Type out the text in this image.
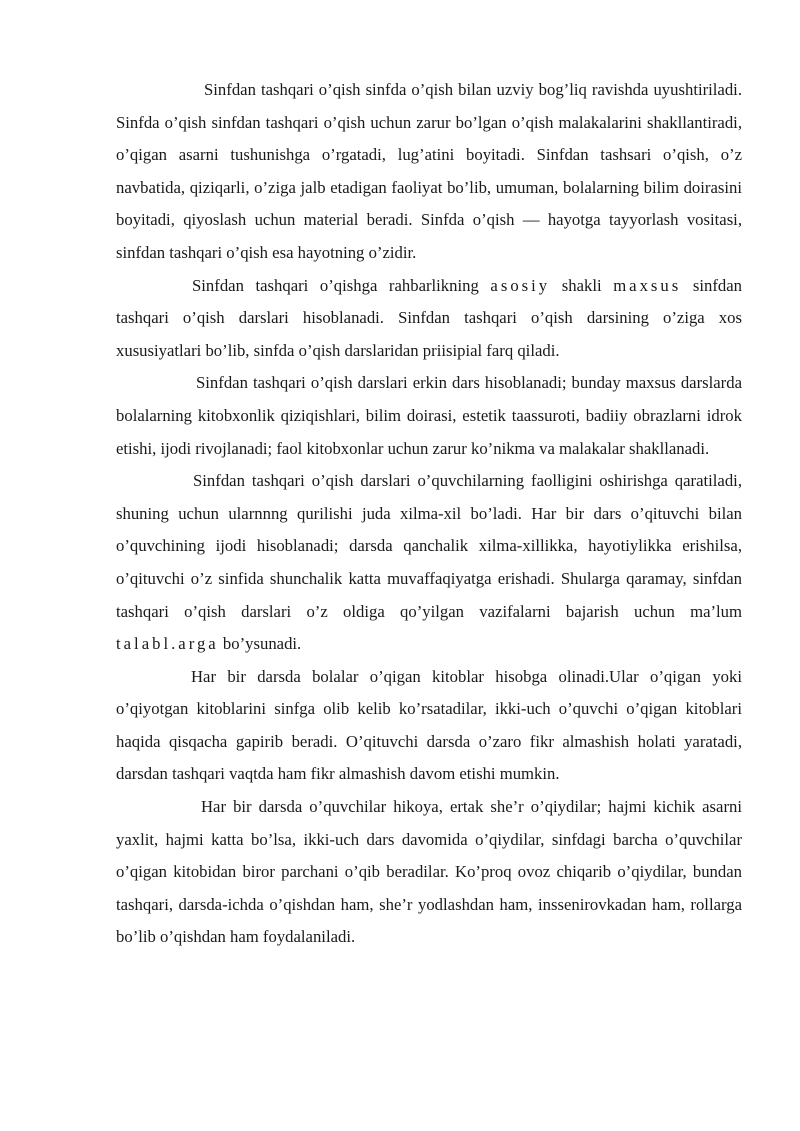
Sinfdan tashqari o’qish sinfda o’qish bilan uzviy bog’liq ravishda uyushtiriladi. Sinfda o’qish sinfdan tashqari o’qish uchun zarur bo’lgan o’qish malakalarini shakllantiradi, o’qigan asarni tushunishga o’rgatadi, lug’atini boyitadi. Sinfdan tashsari o’qish, o’z navbatida, qiziqarli, o’ziga jalb etadigan faoliyat bo’lib, umuman, bolalarning bilim doirasini boyitadi, qiyoslash uchun material beradi. Sinfda o’qish — hayotga tayyorlash vositasi, sinfdan tashqari o’qish esa hayotning o’zidir.

Sinfdan tashqari o’qishga rahbarlikning asosiy shakli maxsus sinfdan tashqari o’qish darslari hisoblanadi. Sinfdan tashqari o’qish darsining o’ziga xos xususiyatlari bo’lib, sinfda o’qish darslaridan priisipial farq qiladi.

Sinfdan tashqari o’qish darslari erkin dars hisoblanadi; bunday maxsus darslarda bolalarning kitobxonlik qiziqishlari, bilim doirasi, estetik taassuroti, badiiy obrazlarni idrok etishi, ijodi rivojlanadi; faol kitobxonlar uchun zarur ko’nikma va malakalar shakllanadi.

Sinfdan tashqari o’qish darslari o’quvchilarning faolligini oshirishga qaratiladi, shuning uchun ularnnng qurilishi juda xilma-xil bo’ladi. Har bir dars o’qituvchi bilan o’quvchining ijodi hisoblanadi; darsda qanchalik xilma-xillikka, hayotiylikka erishilsa, o’qituvchi o’z sinfida shunchalik katta muvaffaqiyatga erishadi. Shularga qaramay, sinfdan tashqari o’qish darslari o’z oldiga qo’yilgan vazifalarni bajarish uchun ma’lum talabl.arga bo’ysunadi.

Har bir darsda bolalar o’qigan kitoblar hisobga olinadi.Ular o’qigan yoki o’qiyotgan kitoblarini sinfga olib kelib ko’rsatadilar, ikki-uch o’quvchi o’qigan kitoblari haqida qisqacha gapirib beradi. O’qituvchi darsda o’zaro fikr almashish holati yaratadi, darsdan tashqari vaqtda ham fikr almashish davom etishi mumkin.

Har bir darsda o’quvchilar hikoya, ertak she’r o’qiydilar; hajmi kichik asarni yaxlit, hajmi katta bo’lsa, ikki-uch dars davomida o’qiydilar, sinfdagi barcha o’quvchilar o’qigan kitobidan biror parchani o’qib beradilar. Ko’proq ovoz chiqarib o’qiydilar, bundan tashqari, darsda-ichda o’qishdan ham, she’r yodlashdan ham, inssenirovkadan ham, rollarga bo’lib o’qishdan ham foydalaniladi.
